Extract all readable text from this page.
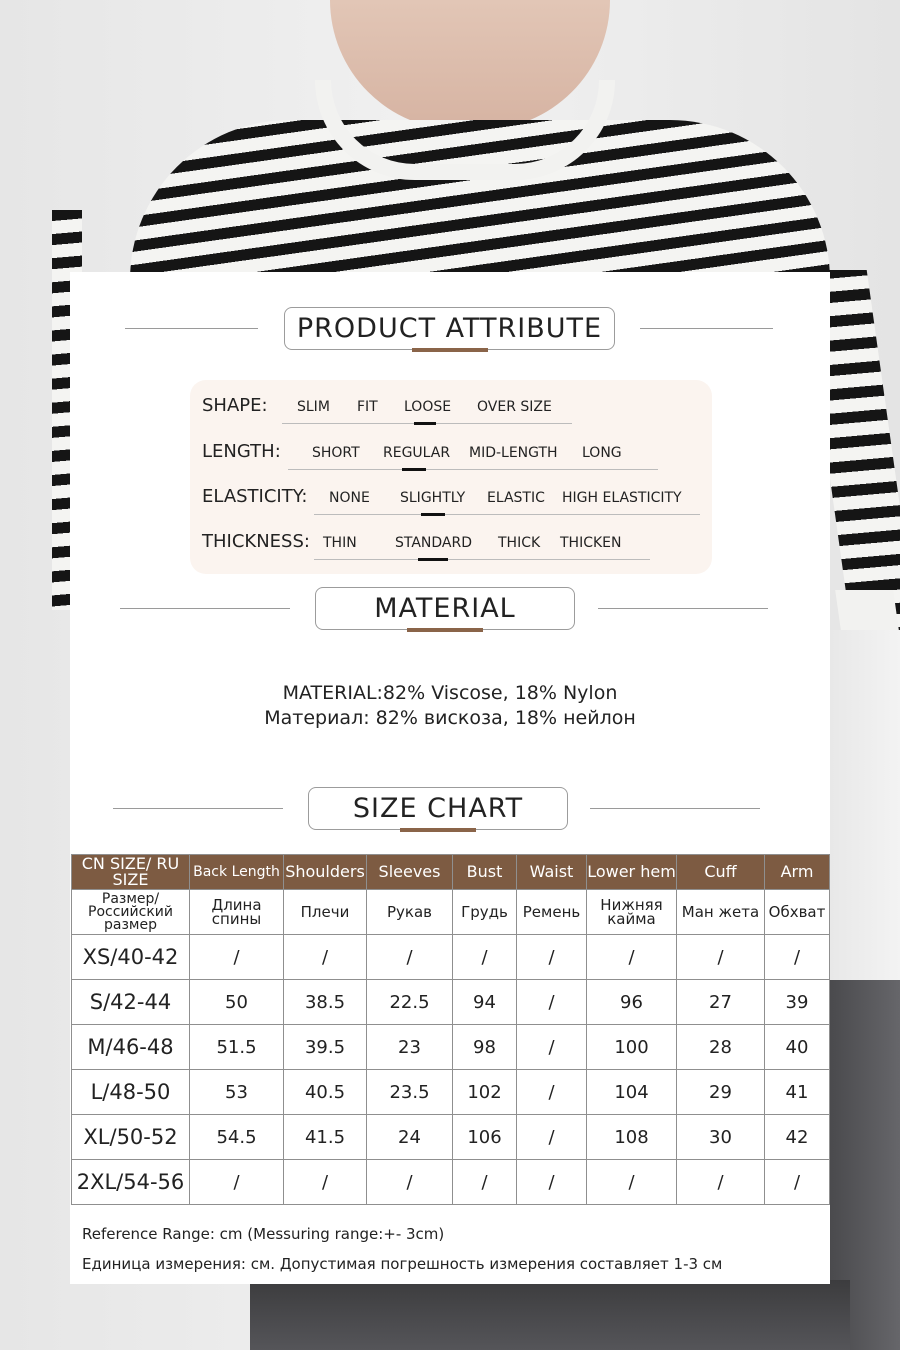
PRODUCT ATTRIBUTE
SHAPE: SLIM FIT LOOSE OVER SIZE
LENGTH: SHORT REGULAR MID-LENGTH LONG
ELASTICITY: NONE SLIGHTLY ELASTIC HIGH ELASTICITY
THICKNESS: THIN	STANDARD THICK THICKEN
MATERIAL
MATERIAL:82% Viscose, 18% Nylon
Материал: 82% вискоза, 18% нейлон
SIZE CHART
CN SIZE/ RU SIZE	Back Length	Shoulders	Sleeves	Bust	Waist	Lower hem	Cuff	Arm
Размер/ Российский размер	Длина спины	Плечи	Рукав	Грудь	Ремень	Нижняя кайма	Ман жета	Обхват
XS/40-42	/	/	/	/	/	/	/	/
S/42-44	50	38.5	22.5	94	/	96	27	39
M/46-48	51.5	39.5	23	98	/	100	28	40
L/48-50	53	40.5	23.5	102	/	104	29	41
XL/50-52	54.5	41.5	24	106	/	108	30	42
2XL/54-56	/	/	/	/	/	/	/	/
Reference Range: cm (Messuring range:+- 3cm)
Единица измерения: см. Допустимая погрешность измерения составляет 1-3 см
